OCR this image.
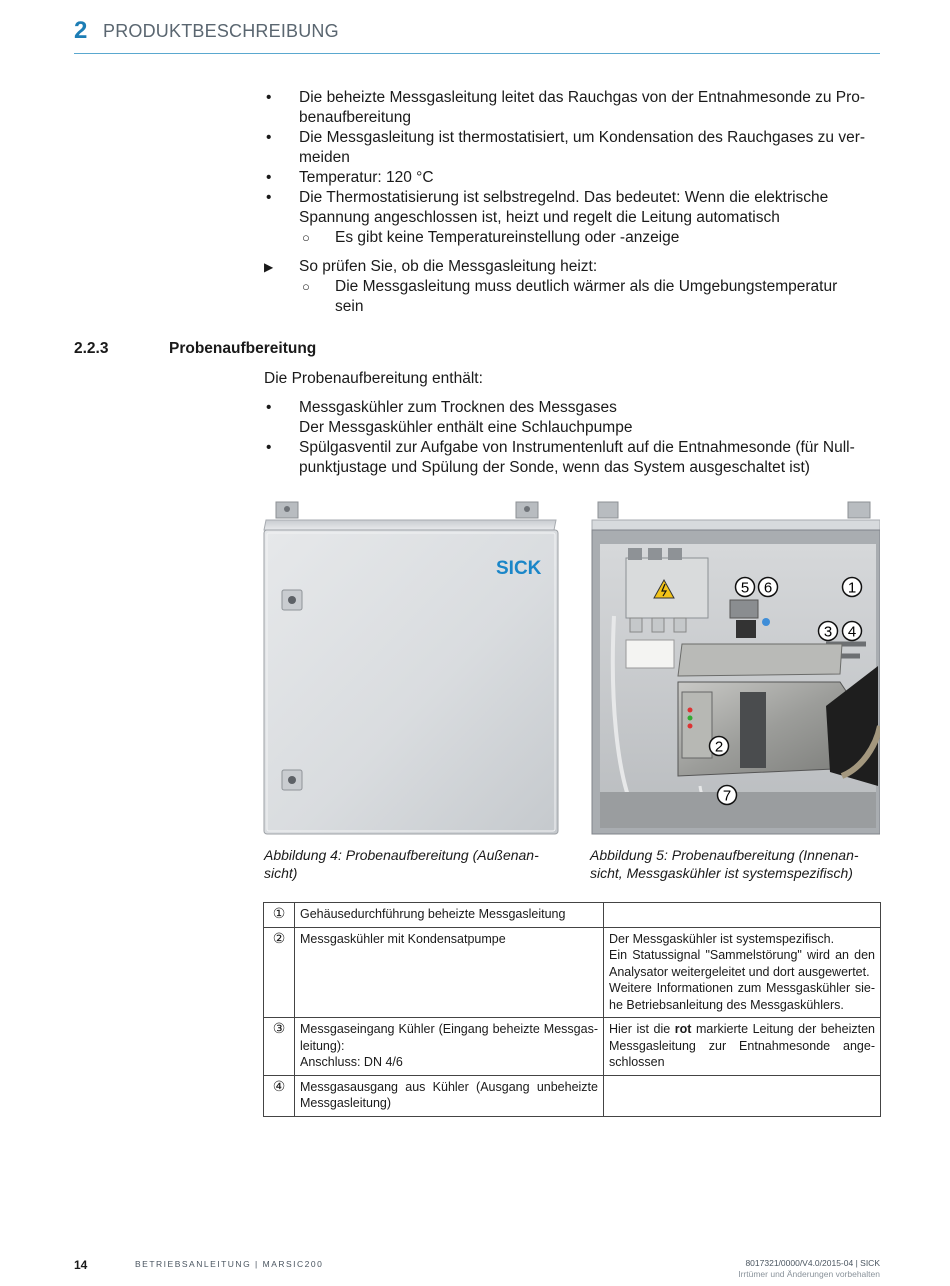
2 PRODUKTBESCHREIBUNG
• Die beheizte Messgasleitung leitet das Rauchgas von der Entnahmesonde zu Pro-
benaufbereitung
• Die Messgasleitung ist thermostatisiert, um Kondensation des Rauchgases zu ver-
meiden
• Temperatur: 120 °C
• Die Thermostatisierung ist selbstregelnd. Das bedeutet: Wenn die elektrische
Spannung angeschlossen ist, heizt und regelt die Leitung automatisch
○ Es gibt keine Temperatureinstellung oder -anzeige
▶ So prüfen Sie, ob die Messgasleitung heizt:
○ Die Messgasleitung muss deutlich wärmer als die Umgebungstemperatur
sein
2.2.3	Probenaufbereitung
Die Probenaufbereitung enthält:
• Messgaskühler zum Trocknen des Messgases
Der Messgaskühler enthält eine Schlauchpumpe
• Spülgasventil zur Aufgabe von Instrumentenluft auf die Entnahmesonde (für Null-
punktjustage und Spülung der Sonde, wenn das System ausgeschaltet ist)
SICK
Abbildung 4: Probenaufbereitung (Außenan-
sicht)
5 6	1
3 4
2
7
Abbildung 5: Probenaufbereitung (Innenan-
sicht, Messgaskühler ist systemspezifisch)
①	Gehäusedurchführung beheizte Messgasleitung	

②	Messgaskühler mit Kondensatpumpe	Der Messgaskühler ist systemspezifisch.
Ein Statussignal "Sammelstörung" wird an den Analysator weitergeleitet und dort ausgewertet.
Weitere Informationen zum Messgaskühler sie-he Betriebsanleitung des Messgaskühlers.

③	Messgaseingang Kühler (Eingang beheizte Messgas-leitung):
Anschluss: DN 4/6	Hier ist die rot markierte Leitung der beheizten Messgasleitung zur Entnahmesonde ange-schlossen
④	Messgasausgang aus Kühler (Ausgang unbeheizte Messgasleitung)	

14	BETRIEBSANLEITUNG | MARSIC200	8017321/0000/V4.0/2015-04 | SICK
Irrtümer und Änderungen vorbehalten
